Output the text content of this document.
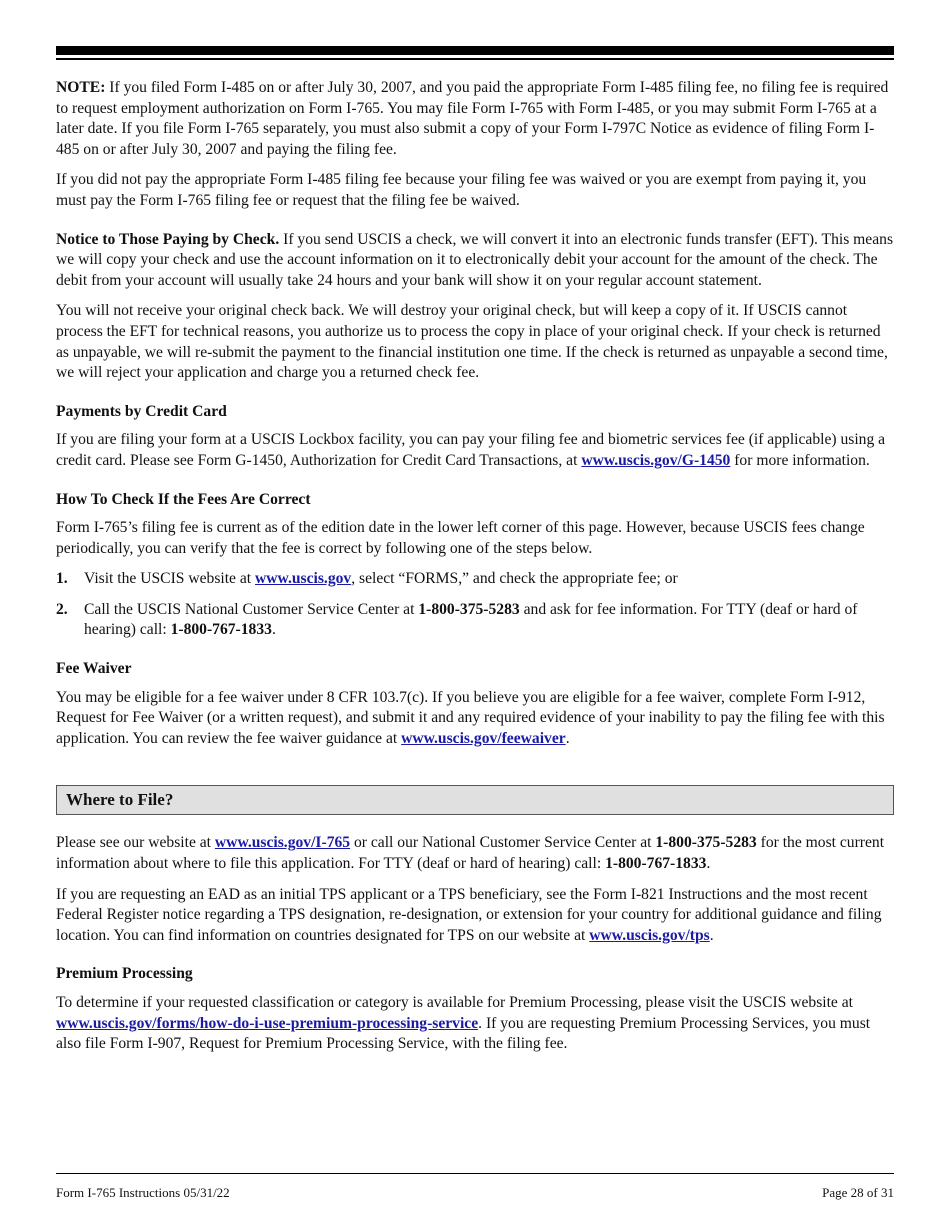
NOTE: If you filed Form I-485 on or after July 30, 2007, and you paid the appropriate Form I-485 filing fee, no filing fee is required to request employment authorization on Form I-765. You may file Form I-765 with Form I-485, or you may submit Form I-765 at a later date. If you file Form I-765 separately, you must also submit a copy of your Form I-797C Notice as evidence of filing Form I-485 on or after July 30, 2007 and paying the filing fee.

If you did not pay the appropriate Form I-485 filing fee because your filing fee was waived or you are exempt from paying it, you must pay the Form I-765 filing fee or request that the filing fee be waived.

Notice to Those Paying by Check. If you send USCIS a check, we will convert it into an electronic funds transfer (EFT). This means we will copy your check and use the account information on it to electronically debit your account for the amount of the check. The debit from your account will usually take 24 hours and your bank will show it on your regular account statement.

You will not receive your original check back. We will destroy your original check, but will keep a copy of it. If USCIS cannot process the EFT for technical reasons, you authorize us to process the copy in place of your original check. If your check is returned as unpayable, we will re-submit the payment to the financial institution one time. If the check is returned as unpayable a second time, we will reject your application and charge you a returned check fee.

Payments by Credit Card

If you are filing your form at a USCIS Lockbox facility, you can pay your filing fee and biometric services fee (if applicable) using a credit card. Please see Form G-1450, Authorization for Credit Card Transactions, at www.uscis.gov/G-1450 for more information.

How To Check If the Fees Are Correct

Form I-765’s filing fee is current as of the edition date in the lower left corner of this page. However, because USCIS fees change periodically, you can verify that the fee is correct by following one of the steps below.

1.	Visit the USCIS website at www.uscis.gov, select “FORMS,” and check the appropriate fee; or
2.	Call the USCIS National Customer Service Center at 1-800-375-5283 and ask for fee information. For TTY (deaf or hard of hearing) call: 1-800-767-1833.

Fee Waiver

You may be eligible for a fee waiver under 8 CFR 103.7(c). If you believe you are eligible for a fee waiver, complete Form I-912, Request for Fee Waiver (or a written request), and submit it and any required evidence of your inability to pay the filing fee with this application. You can review the fee waiver guidance at www.uscis.gov/feewaiver.

Where to File?

Please see our website at www.uscis.gov/I-765 or call our National Customer Service Center at 1-800-375-5283 for the most current information about where to file this application. For TTY (deaf or hard of hearing) call: 1-800-767-1833.

If you are requesting an EAD as an initial TPS applicant or a TPS beneficiary, see the Form I-821 Instructions and the most recent Federal Register notice regarding a TPS designation, re-designation, or extension for your country for additional guidance and filing location. You can find information on countries designated for TPS on our website at www.uscis.gov/tps.

Premium Processing

To determine if your requested classification or category is available for Premium Processing, please visit the USCIS website at www.uscis.gov/forms/how-do-i-use-premium-processing-service. If you are requesting Premium Processing Services, you must also file Form I-907, Request for Premium Processing Service, with the filing fee.

Form I-765 Instructions 05/31/22	Page 28 of 31
